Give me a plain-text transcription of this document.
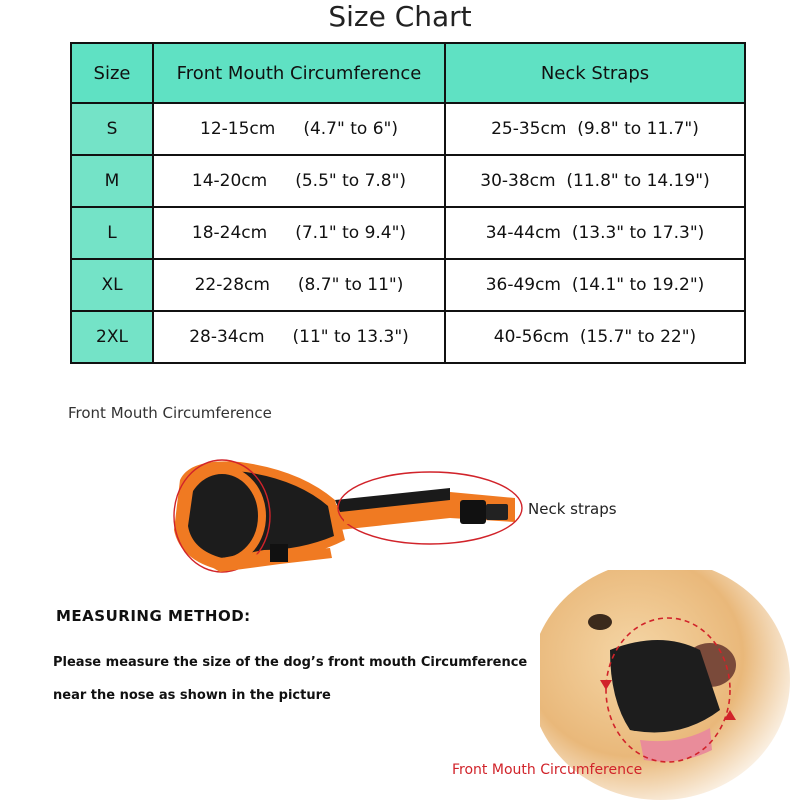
Size Chart
Size	Front Mouth Circumference	Neck Straps
S	12-15cm (4.7" to 6")	25-35cm (9.8" to 11.7")
M	14-20cm (5.5" to 7.8")	30-38cm (11.8" to 14.19")
L	18-24cm (7.1" to 9.4")	34-44cm (13.3" to 17.3")
XL	22-28cm (8.7" to 11")	36-49cm (14.1" to 19.2")
2XL	28-34cm (11" to 13.3")	40-56cm (15.7" to 22")
Front Mouth Circumference
Neck straps
MEASURING METHOD:
Please measure the size of the dog’s front mouth Circumference
near the nose as shown in the picture
Front Mouth Circumference
